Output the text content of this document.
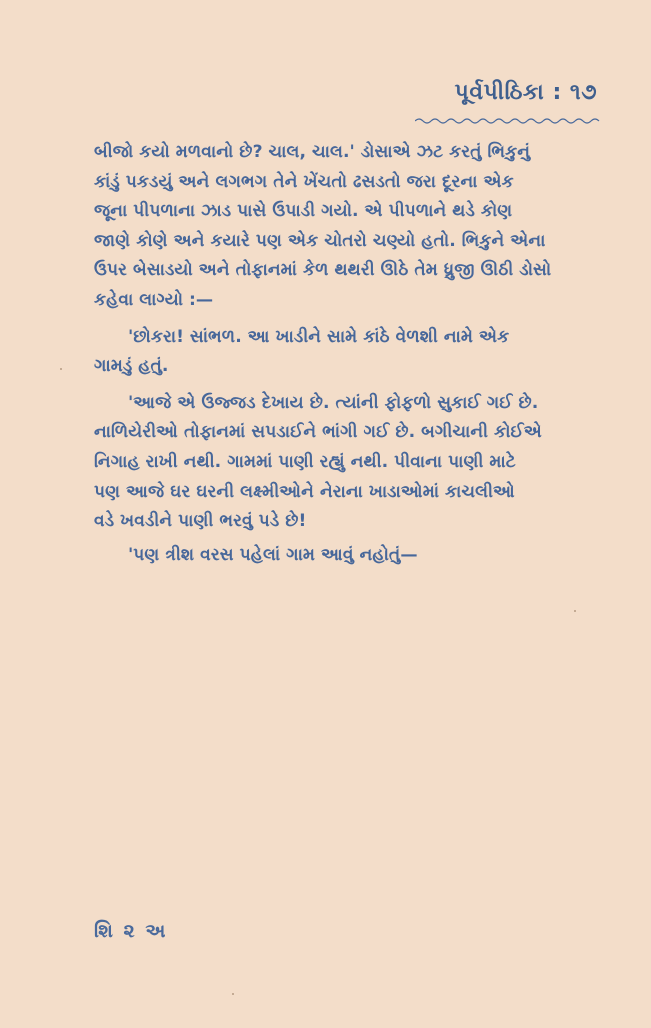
પૂર્વપીઠિકા : ૧૭

બીજો કયો મળવાનો છે? ચાલ, ચાલ.' ડોસાએ ઝટ કરતું ભિકુનું
કાંડું પકડયું અને લગભગ તેને ખેંચતો ઢસડતો જરા દૂરના એક
જૂના પીપળાના ઝાડ પાસે ઉપાડી ગયો. એ પીપળાને થડે કોણ
જાણે કોણે અને કયારે પણ એક ચોતરો ચણ્યો હતો. ભિકુને એના
ઉપર બેસાડયો અને તોફાનમાં કેળ થથરી ઊઠે તેમ ધ્રુજી ઊઠી ડોસો
કહેવા લાગ્યો :—

'છોકરા! સાંભળ. આ ખાડીને સામે કાંઠે વેળશી નામે એક
ગામડું હતું.

'આજે એ ઉજ્જડ દેખાય છે. ત્યાંની ફોફળો સુકાઈ ગઈ છે.
નાળિયેરીઓ તોફાનમાં સપડાઈને ભાંગી ગઈ છે. બગીચાની કોઈએ
નિગાહ રાખી નથી. ગામમાં પાણી રહ્યું નથી. પીવાના પાણી માટે
પણ આજે ઘર ઘરની લક્ષ્મીઓને નેરાના ખાડાઓમાં કાચલીઓ
વડે ખવડીને પાણી ભરવું પડે છે!

'પણ ત્રીશ વરસ પહેલાં ગામ આવું નહોતું—

શિ ૨ અ
